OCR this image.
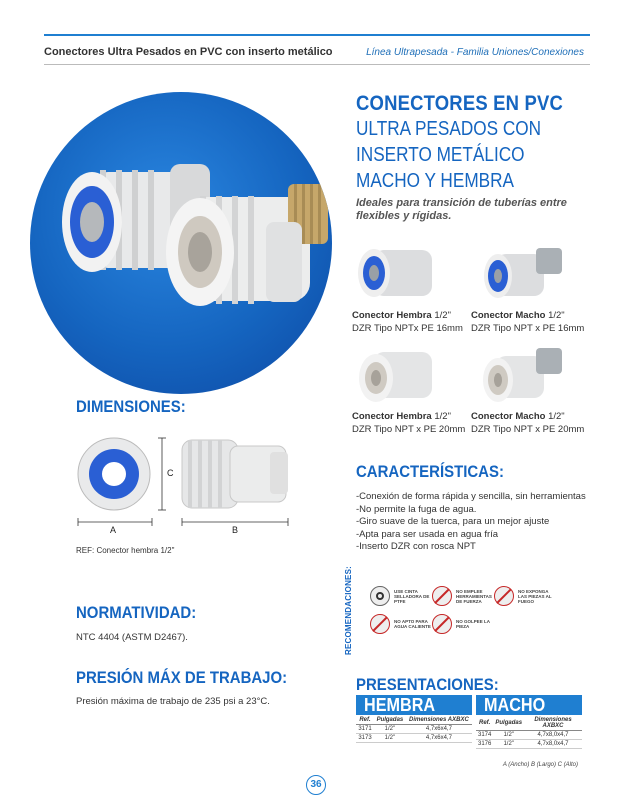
Conectores Ultra Pesados en PVC con inserto metálico	Línea Ultrapesada - Familia Uniones/Conexiones
CONECTORES EN PVC
ULTRA PESADOS CON
INSERTO METÁLICO
MACHO Y HEMBRA
Ideales para transición de tuberías entre flexibles y rígidas.
Conector Hembra 1/2"
DZR Tipo NPTx PE 16mm
Conector Macho 1/2"
DZR Tipo NPT x PE 16mm
Conector Hembra 1/2"
DZR Tipo NPT x PE 20mm
Conector Macho 1/2"
DZR Tipo NPT x PE 20mm
DIMENSIONES:
A
C
B
REF: Conector hembra 1/2"
CARACTERÍSTICAS:
-Conexión de forma rápida y sencilla, sin herramientas
-No permite la fuga de agua.
-Giro suave de la tuerca, para un mejor ajuste
-Apta para ser usada en agua fría
-Inserto DZR con rosca NPT
RECOMENDACIONES:	USE CINTA SELLADORA DE PTFE
NO EMPLEE HERRAMIENTAS DE FUERZA
NO EXPONGA LAS PIEZAS AL FUEGO
NO APTO PARA AGUA CALIENTE
NO GOLPEE LA PIEZA
NORMATIVIDAD:
NTC 4404 (ASTM D2467).
PRESIÓN MÁX DE TRABAJO:
Presión máxima de trabajo de 235 psi a 23°C.
PRESENTACIONES:
HEMBRA	MACHO
Ref.	Pulgadas	Dimensiones AXBXC
3171	1/2"	4,7x6x4,7
3173	1/2"	4,7x6x4,7
Ref.	Pulgadas	Dimensiones AXBXC
3174	1/2"	4,7x8,0x4,7
3176	1/2"	4,7x8,0x4,7
A (Ancho) B (Largo) C (Alto)
36
